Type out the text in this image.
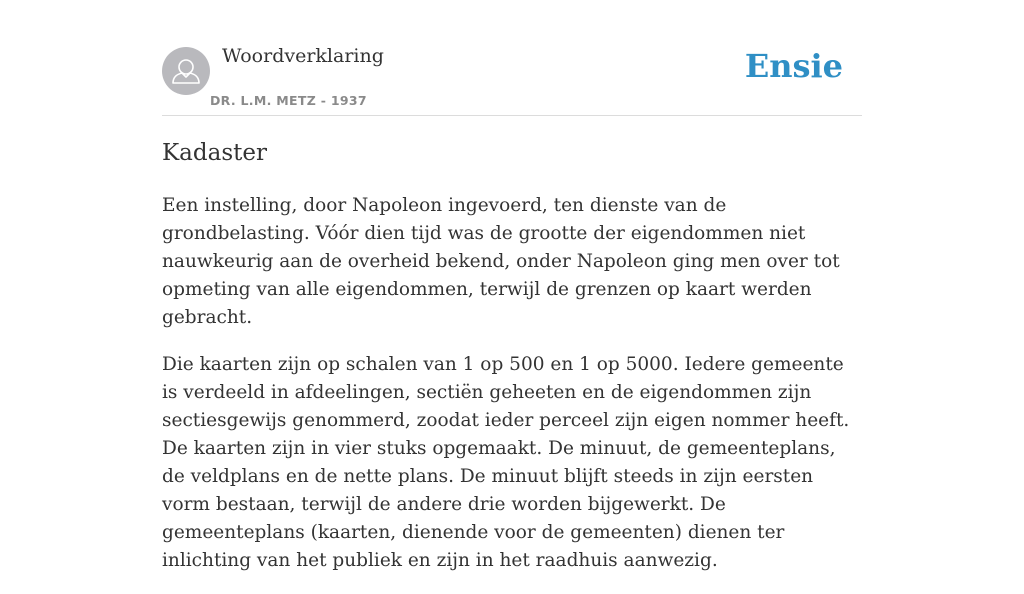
Woordverklaring
DR. L.M. METZ - 1937
Ensie
Kadaster

Een instelling, door Napoleon ingevoerd, ten dienste van de grondbelasting. Vóór dien tijd was de grootte der eigendommen niet nauwkeurig aan de overheid bekend, onder Napoleon ging men over tot opmeting van alle eigendommen, terwijl de grenzen op kaart werden gebracht.

Die kaarten zijn op schalen van 1 op 500 en 1 op 5000. Iedere gemeente is verdeeld in afdeelingen, sectiën geheeten en de eigendommen zijn sectiesgewijs genommerd, zoodat ieder perceel zijn eigen nommer heeft. De kaarten zijn in vier stuks opgemaakt. De minuut, de gemeenteplans, de veldplans en de nette plans. De minuut blijft steeds in zijn eersten vorm bestaan, terwijl de andere drie worden bijgewerkt. De gemeenteplans (kaarten, dienende voor de gemeenten) dienen ter inlichting van het publiek en zijn in het raadhuis aanwezig.
